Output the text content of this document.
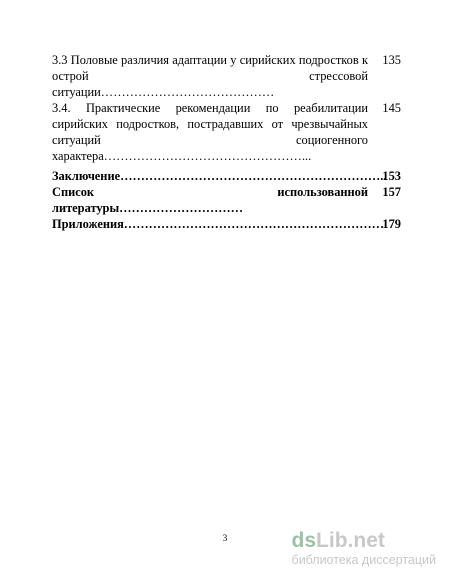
3.3 Половые различия адаптации у сирийских подростков к острой стрессовой ситуации……………………………………
135
3.4. Практические рекомендации по реабилитации сирийских подростков, пострадавших от чрезвычайных ситуаций социогенного характера…………………………………………...
145
Заключение………………………………………………………..
153
Список использованной литературы…………………………
157
Приложения………………………………………………………
179
3	dsLib.net
библиотека диссертаций
